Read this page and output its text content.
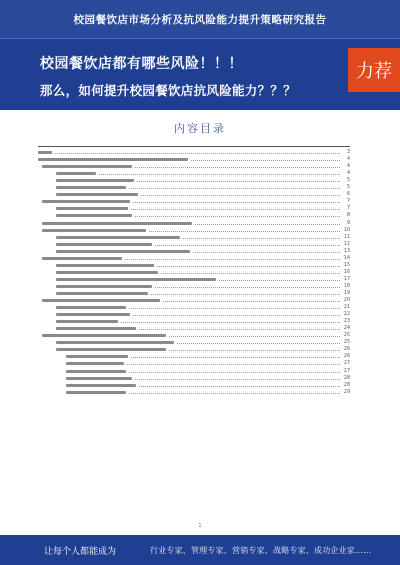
校园餐饮店市场分析及抗风险能力提升策略研究报告
校园餐饮店都有哪些风险！！！
那么，如何提升校园餐饮店抗风险能力？？？
力荐
内容目录
3
4
4
4
5
5
6
7
7
8
9
10
11
12
13
14
15
16
17
18
19
20
21
22
23
24
25
25
26
26
27
27
28
28
29
1
让每个人都能成为	行业专家、管理专家、营销专家、战略专家、成功企业家……
